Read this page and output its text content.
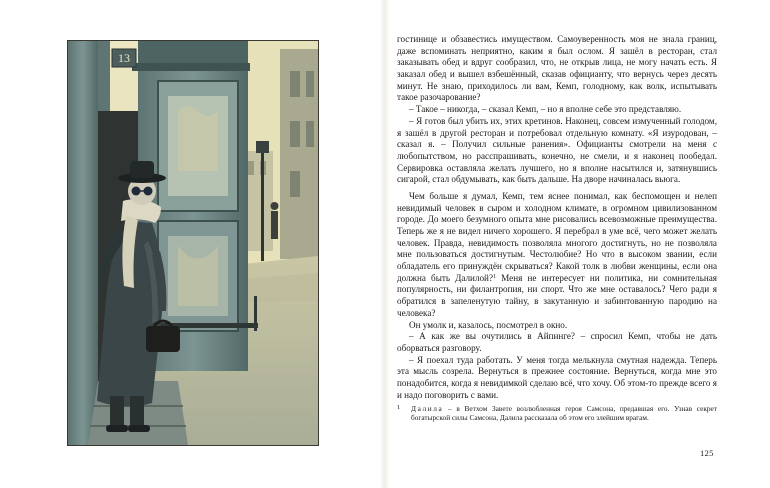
13

гостинице и обзавестись имуществом. Самоуверенность моя не знала границ, даже вспоминать неприятно, каким я был ослом. Я зашёл в ресторан, стал заказывать обед и вдруг сообразил, что, не открыв лица, не могу начать есть. Я заказал обед и вышел взбешённый, сказав официанту, что вернусь через десять минут. Не знаю, приходилось ли вам, Кемп, голодному, как волк, испытывать такое разочарование?

– Такое – никогда, – сказал Кемп, – но я вполне себе это представляю.

– Я готов был убить их, этих кретинов. Наконец, совсем измученный голодом, я зашёл в другой ресторан и потребовал отдельную комнату. «Я изуродован, – сказал я. – Получил сильные ранения». Официанты смотрели на меня с любопытством, но расспрашивать, конечно, не смели, и я наконец пообедал. Сервировка оставляла желать лучшего, но я вполне насытился и, затянувшись сигарой, стал обдумывать, как быть дальше. На дворе начиналась вьюга.

Чем больше я думал, Кемп, тем яснее понимал, как беспомощен и нелеп невидимый человек в сыром и холодном климате, в огромном цивилизованном городе. До моего безумного опыта мне рисовались всевозможные преимущества. Теперь же я не видел ничего хорошего. Я перебрал в уме всё, чего может желать человек. Правда, невидимость позволяла многого достигнуть, но не позволяла мне пользоваться достигнутым. Честолюбие? Но что в высоком звании, если обладатель его принуждён скрываться? Какой толк в любви женщины, если она должна быть Далилой?$^1$ Меня не интересует ни политика, ни сомнительная популярность, ни филантропия, ни спорт. Что же мне оставалось? Чего ради я обратился в запеленутую тайну, в закутанную и забинтованную пародию на человека?

Он умолк и, казалось, посмотрел в окно.

– А как же вы очутились в Айпинге? – спросил Кемп, чтобы не дать оборваться разговору.

– Я поехал туда работать. У меня тогда мелькнула смутная надежда. Теперь эта мысль созрела. Вернуться в прежнее состояние. Вернуться, когда мне это понадобится, когда я невидимкой сделаю всё, что хочу. Об этом-то прежде всего я и надо поговорить с вами.

1 Далила – в Ветхом Завете возлюбленная героя Самсона, предавшая его. Узнав секрет богатырской силы Самсона, Далила рассказала об этом его злейшим врагам.
125
